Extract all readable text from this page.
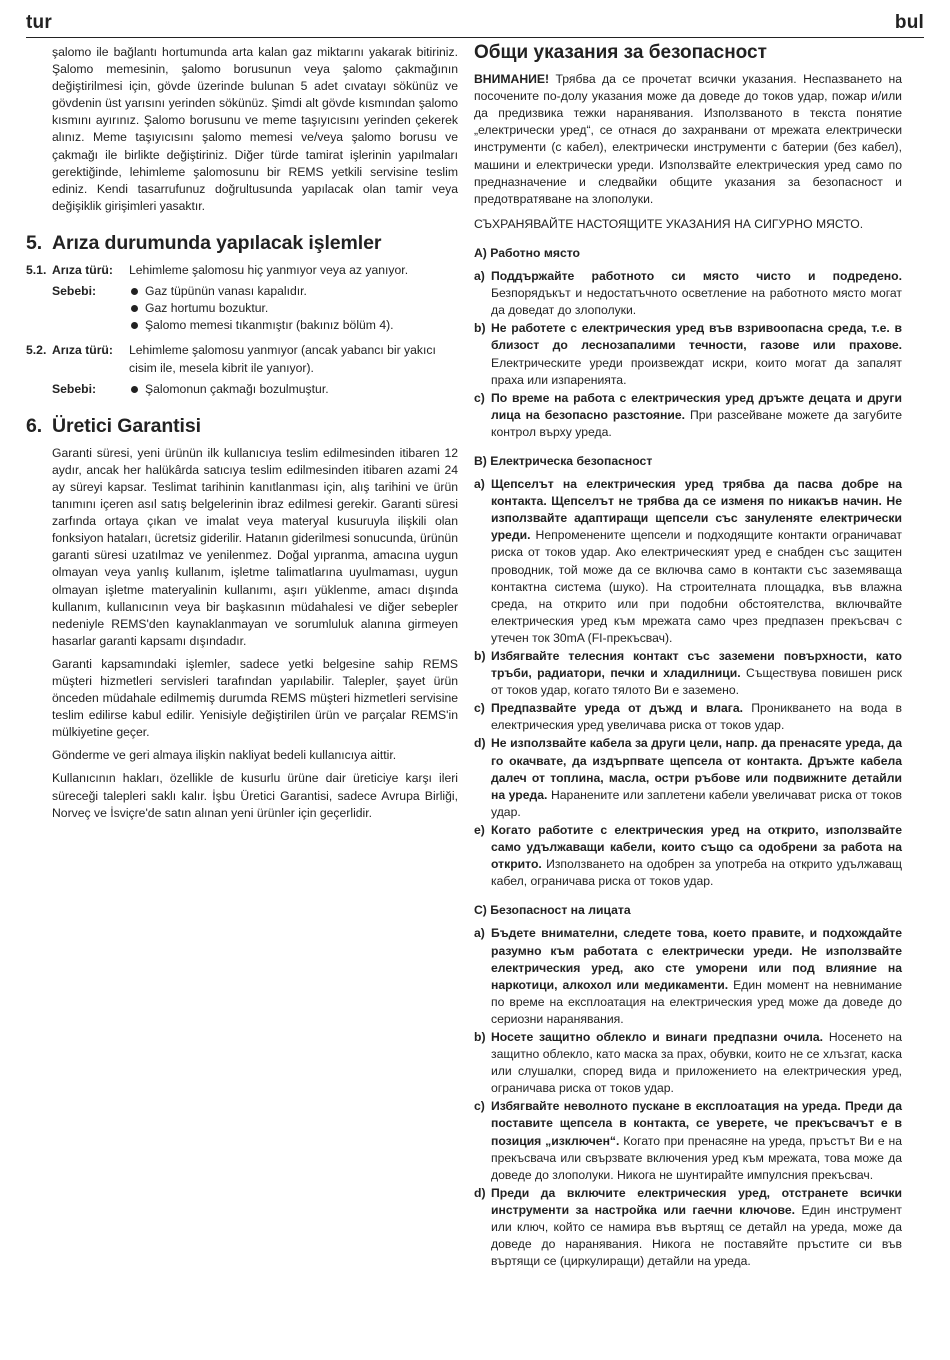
tur	bul

şalomo ile bağlantı hortumunda arta kalan gaz miktarını yakarak bitiriniz. Şalomo memesinin, şalomo borusunun veya şalomo çakmağının değiştirilmesi için, gövde üzerinde bulunan 5 adet cıvatayı sökünüz ve gövdenin üst yarısını yerinden sökünüz. Şimdi alt gövde kısmından şalomo kısmını ayırınız. Şalomo borusunu ve meme taşıyıcısını yerinden çekerek alınız. Meme taşıyıcısını şalomo memesi ve/veya şalomo borusu ve çakmağı ile birlikte değiştiriniz. Diğer türde tamirat işlerinin yapılmaları gerektiğinde, lehimleme şalomosunu bir REMS yetkili servisine teslim ediniz. Kendi tasarrufunuz doğrultusunda yapılacak olan tamir veya değişiklik girişimleri yasaktır.

5. Arıza durumunda yapılacak işlemler
5.1. Arıza türü:	Lehimleme şalomosu hiç yanmıyor veya az yanıyor.
Sebebi:	Gaz tüpünün vanası kapalıdır.
Gaz hortumu bozuktur.
Şalomo memesi tıkanmıştır (bakınız bölüm 4).
5.2. Arıza türü:	Lehimleme şalomosu yanmıyor (ancak yabancı bir yakıcı cisim ile, mesela kibrit ile yanıyor).
Sebebi:	Şalomonun çakmağı bozulmuştur.
6. Üretici Garantisi

Garanti süresi, yeni ürünün ilk kullanıcıya teslim edilmesinden itibaren 12 aydır, ancak her halükârda satıcıya teslim edilmesinden itibaren azami 24 ay süreyi kapsar. Teslimat tarihinin kanıtlanması için, alış tarihini ve ürün tanımını içeren asıl satış belgelerinin ibraz edilmesi gerekir. Garanti süresi zarfında ortaya çıkan ve imalat veya materyal kusuruyla ilişkili olan fonksiyon hataları, ücretsiz giderilir. Hatanın giderilmesi sonucunda, ürünün garanti süresi uzatılmaz ve yenilenmez. Doğal yıpranma, amacına uygun olmayan veya yanlış kullanım, işletme talimatlarına uyulmaması, uygun olmayan işletme materyalinin kullanımı, aşırı yüklenme, amacı dışında kullanım, kullanıcının veya bir başkasının müdahalesi ve diğer sebepler nedeniyle REMS'den kaynaklanmayan ve sorumluluk alanına girmeyen hasarlar garanti kapsamı dışındadır.

Garanti kapsamındaki işlemler, sadece yetki belgesine sahip REMS müşteri hizmetleri servisleri tarafından yapılabilir. Talepler, şayet ürün önceden müdahale edilmemiş durumda REMS müşteri hizmetleri servisine teslim edilirse kabul edilir. Yenisiyle değiştirilen ürün ve parçalar REMS'in mülkiyetine geçer.

Gönderme ve geri almaya ilişkin nakliyat bedeli kullanıcıya aittir.

Kullanıcının hakları, özellikle de kusurlu ürüne dair üreticiye karşı ileri süreceği talepleri saklı kalır. İşbu Üretici Garantisi, sadece Avrupa Birliği, Norveç ve İsviçre'de satın alınan yeni ürünler için geçerlidir.

Общи указания за безопасност

ВНИМАНИЕ! Трябва да се прочетат всички указания. Неспазването на посочените по-долу указания може да доведе до токов удар, пожар и/или да предизвика тежки наранявания. Използваното в текста понятие „електрически уред“, се отнася до захранвани от мрежата електрически инструменти (с кабел), електрически инструменти с батерии (без кабел), машини и електрически уреди. Използвайте електрическия уред само по предназначение и следвайки общите указания за безопасност и предотвратяване на злополуки.

СЪХРАНЯВАЙТЕ НАСТОЯЩИТЕ УКАЗАНИЯ НА СИГУРНО МЯСТО.

А) Работно място
a) Поддържайте работното си място чисто и подредено. Безпорядъкът и недостатъчното осветление на работното място могат да доведат до злополуки.
b) Не работете с електрическия уред във взривоопасна среда, т.е. в близост до леснозапалими течности, газове или прахове. Електрическите уреди произвеждат искри, които могат да запалят праха или изпаренията.
c) По време на работа с електрическия уред дръжте децата и други лица на безопасно разстояние. При разсейване можете да загубите контрол върху уреда.
В) Електрическа безопасност
a) Щепселът на електрическия уред трябва да пасва добре на контакта. Щепселът не трябва да се изменя по никакъв начин. Не използвайте адаптиращи щепсели със зануленяте електрически уреди. Непроменените щепсели и подходящите контакти ограничават риска от токов удар. Ако електрическият уред е снабден със защитен проводник, той може да се включва само в контакти със заземяваща контактна система (шуко). На строителната площадка, във влажна среда, на открито или при подобни обстоятелства, включвайте електрическия уред към мрежата само чрез предпазен прекъсвач с утечен ток 30mA (FI-прекъсвач).
b) Избягвайте телесния контакт със заземени повърхности, като тръби, радиатори, печки и хладилници. Съществува повишен риск от токов удар, когато тялото Ви е заземено.
c) Предпазвайте уреда от дъжд и влага. Проникването на вода в електрическия уред увеличава риска от токов удар.
d) Не използвайте кабела за други цели, напр. да пренасяте уреда, да го окачвате, да издърпвате щепсела от контакта. Дръжте кабела далеч от топлина, масла, остри ръбове или подвижните детайли на уреда. Наранените или заплетени кабели увеличават риска от токов удар.
e) Когато работите с електрическия уред на открито, използвайте само удължаващи кабели, които също са одобрени за работа на открито. Използването на одобрен за употреба на открито удължаващ кабел, ограничава риска от токов удар.
С) Безопасност на лицата
a) Бъдете внимателни, следете това, което правите, и подхождайте разумно към работата с електрически уреди. Не използвайте електрическия уред, ако сте уморени или под влияние на наркотици, алкохол или медикаменти. Един момент на невнимание по време на експлоатация на електрическия уред може да доведе до сериозни наранявания.
b) Носете защитно облекло и винаги предпазни очила. Носенето на защитно облекло, като маска за прах, обувки, които не се хлъзгат, каска или слушалки, според вида и приложението на електрическия уред, ограничава риска от токов удар.
c) Избягвайте неволното пускане в експлоатация на уреда. Преди да поставите щепсела в контакта, се уверете, че прекъсвачът е в позиция „изключен“. Когато при пренасяне на уреда, пръстът Ви е на прекъсвача или свързвате включения уред към мрежата, това може да доведе до злополуки. Никога не шунтирайте импулсния прекъсвач.
d) Преди да включите електрическия уред, отстранете всички инструменти за настройка или гаечни ключове. Един инструмент или ключ, който се намира във въртящ се детайл на уреда, може да доведе до наранявания. Никога не поставяйте пръстите си във въртящи се (циркулиращи) детайли на уреда.
